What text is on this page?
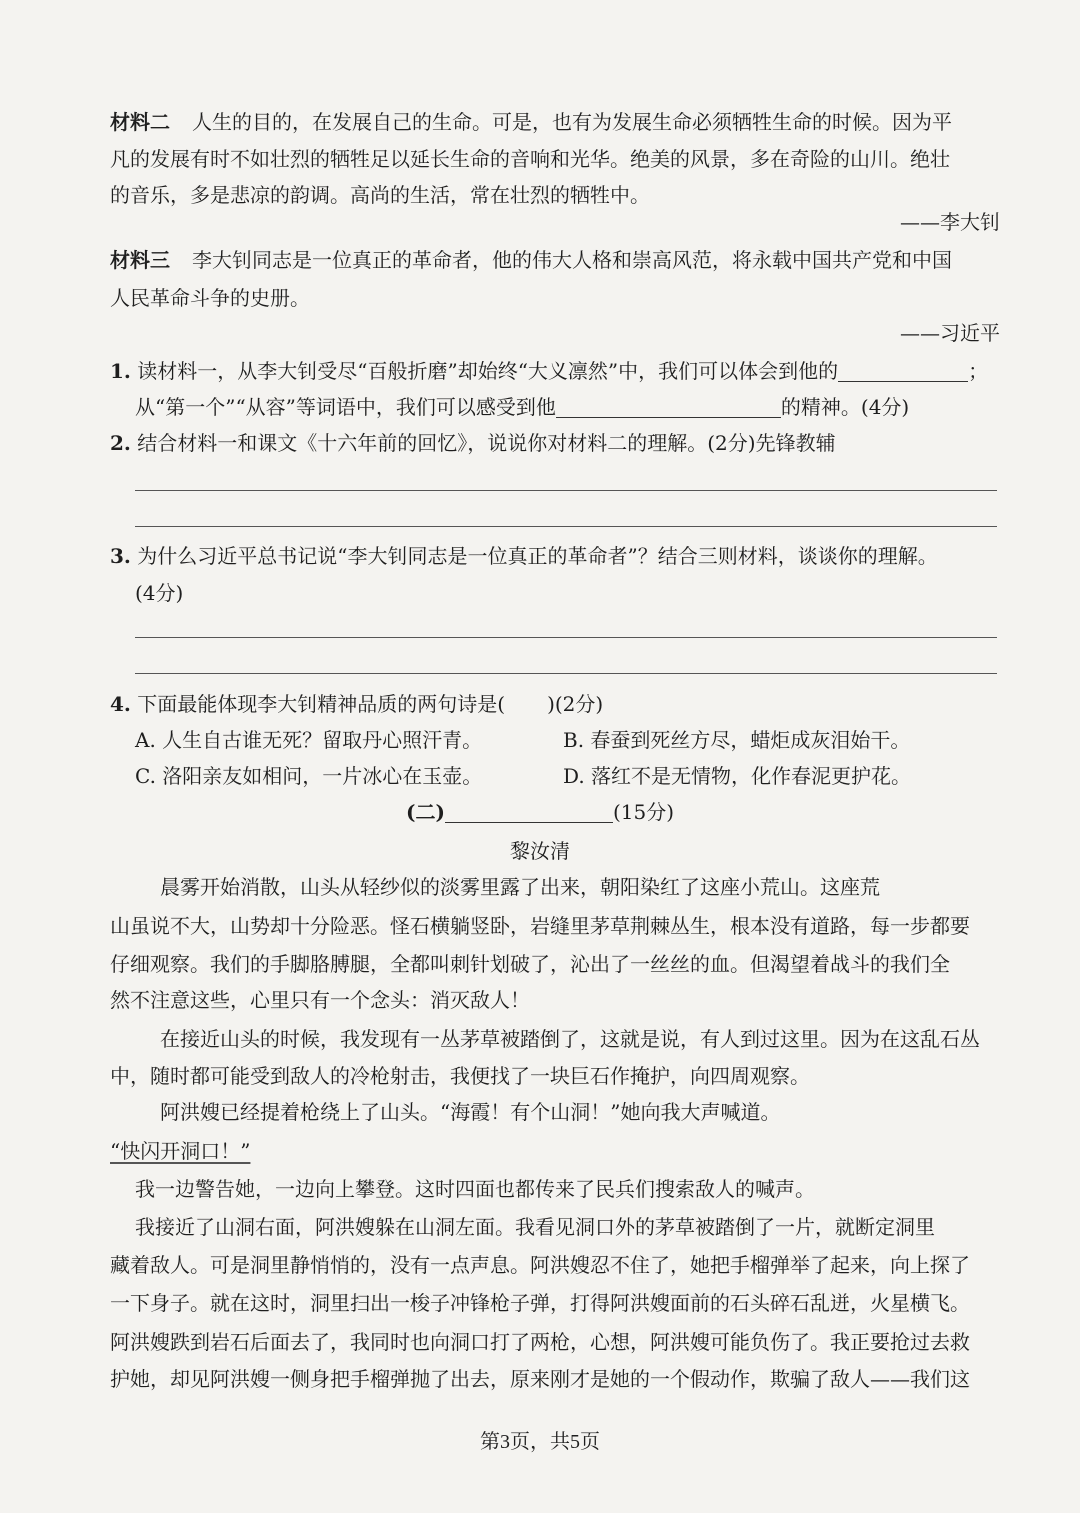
材料二 人生的目的，在发展自己的生命。可是，也有为发展生命必须牺牲生命的时候。因为平
凡的发展有时不如壮烈的牺牲足以延长生命的音响和光华。绝美的风景，多在奇险的山川。绝壮
的音乐，多是悲凉的韵调。高尚的生活，常在壮烈的牺牲中。
——李大钊
材料三 李大钊同志是一位真正的革命者，他的伟大人格和崇高风范，将永载中国共产党和中国
人民革命斗争的史册。
——习近平
1. 读材料一，从李大钊受尽“百般折磨”却始终“大义凛然”中，我们可以体会到他的	；
从“第一个”“从容”等词语中，我们可以感受到他	的精神。(4分)
2. 结合材料一和课文《十六年前的回忆》，说说你对材料二的理解。(2分)先锋教辅
3. 为什么习近平总书记说“李大钊同志是一位真正的革命者”？结合三则材料，谈谈你的理解。
(4分)
4. 下面最能体现李大钊精神品质的两句诗是( )(2分)
A. 人生自古谁无死？留取丹心照汗青。	B. 春蚕到死丝方尽，蜡炬成灰泪始干。
C. 洛阳亲友如相问，一片冰心在玉壶。	D. 落红不是无情物，化作春泥更护花。
(二)	(15分)
黎汝清
晨雾开始消散，山头从轻纱似的淡雾里露了出来，朝阳染红了这座小荒山。这座荒
山虽说不大，山势却十分险恶。怪石横躺竖卧，岩缝里茅草荆棘丛生，根本没有道路，每一步都要
仔细观察。我们的手脚胳膊腿，全都叫刺针划破了，沁出了一丝丝的血。但渴望着战斗的我们全
然不注意这些，心里只有一个念头：消灭敌人！
在接近山头的时候，我发现有一丛茅草被踏倒了，这就是说，有人到过这里。因为在这乱石丛
中，随时都可能受到敌人的冷枪射击，我便找了一块巨石作掩护，向四周观察。
阿洪嫂已经提着枪绕上了山头。“海霞！有个山洞！”她向我大声喊道。
“快闪开洞口！”
我一边警告她，一边向上攀登。这时四面也都传来了民兵们搜索敌人的喊声。
我接近了山洞右面，阿洪嫂躲在山洞左面。我看见洞口外的茅草被踏倒了一片，就断定洞里
藏着敌人。可是洞里静悄悄的，没有一点声息。阿洪嫂忍不住了，她把手榴弹举了起来，向上探了
一下身子。就在这时，洞里扫出一梭子冲锋枪子弹，打得阿洪嫂面前的石头碎石乱迸，火星横飞。
阿洪嫂跌到岩石后面去了，我同时也向洞口打了两枪，心想，阿洪嫂可能负伤了。我正要抢过去救
护她，却见阿洪嫂一侧身把手榴弹抛了出去，原来刚才是她的一个假动作，欺骗了敌人——我们这
第3页，共5页
